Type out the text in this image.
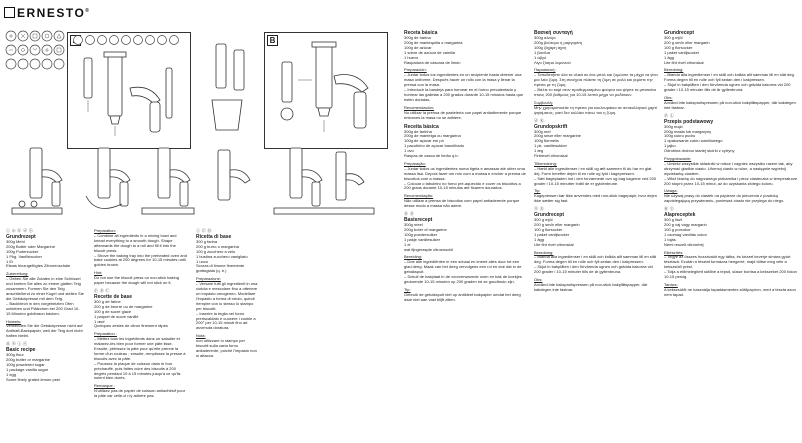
ERNESTO®
B
ⓘ ⊕ ⓑ ⓓ ⓔ
Grundrezept

300g Mehl
200g Butter oder Margarine
100g Puderzucker
1 Pkg. Vanillezucker
1 Ei
Etwas hinzugefügtes Zitronenschale

Zubereitung:

– Geben Sie alle Zutaten in eine Schüssel und kneten Sie alles zu einem glatten Teig zusammen. Formen Sie den Teig anschließend zu einer Kugel und stellen Sie die Gebäckpresse mit dem Teig.
– Backblech in den vorgeheizten Ofen schieben und Plätzchen bei 200 Grad 10-15 Minuten goldbraun backen.

Hinweis:

Verwenden Sie die Gebäckpresse nicht auf Antihaft-Backpapier, weil der Teig dort nicht haften bleibt.

ⓖ ⓑ ⓘ ⓔ
Basic recipe

300g flour
200g butter or margarine
100g powdered sugar
1 package vanilla sugar
1 egg
Some finely grated lemon peel

Preparation:

– Combine all ingredients in a mixing bowl and knead everything to a smooth dough. Shape afterwards the dough to a roll and fill it into the biscuit press.
– Shove the baking tray into the preheated oven and bake cookies at 200 degrees for 10-15 minutes until golden brown.

Hint:

Do not use the biscuit press on non-stick baking paper because the dough will not stick on it.

Ⓕ Ⓑ Ⓒ
Recette de base

300 g de farine
200 g de beurre ou de margarine
100 g de sucre glace
1 paquet de sucre vanillé
1 œuf
Quelques zestes de citron finement râpés

Préparation :

– Mettez tous les ingrédients dans un saladier et malaxez-les bien pour former une pâte lisse. Ensuite, pétrissez la pâte pour qu'elle prenne la forme d'un rouleau ; ensuite, remplissez la presse à biscuits avec la pâte.
– Poussez la plaque de cuisson dans le four préchauffé, puis faites cuire des biscuits à 200 degrés pendant 10 à 15 minutes jusqu'à ce qu'ils soient bien dorés.

Remarque :

N'utilisez pas de papier de cuisson antiadhésif pour la pâte car celle-ci n'y adhère pas.

ⓘ Ⓒ Ⓗ
Ricetta di base

300 g farina
200 g burro o margarina
100 g zucchero a velo
1 bustina zucchero vanigliato
1 uovo
Scorza di limone finemente grattugiata (q. b.)

Preparazione:

– Versare tutti gli ingredienti in una ciotola e mescolare fino a ottenere un impasto omogeneo. Modellare l'impasto a forma di rotolo, quindi riempire con lo stesso lo stampo per biscotti.
– Inserire la teglia nel forno preriscaldato e cuocere i cookie a 200° per 10-15 minuti fino ad avvenuta doratura.

Nota:

non utilizzare lo stampo per biscotti sulla carta forno antiaderente, poiché l'impasto non si attacca.

Receta básica

300g de harina
200g de mantequilla o margarina
100g de azúcar
1 sobre de azúcar de vainilla
1 huevo
Raspadura de cáscara de limón

Preparación:

– Juntar todos los ingredientes en un recipiente hasta obtener una masa uniforme. Después hacer un rollo con la masa y llenar la prensa con la masa.
– Introducir la bandeja para hornear en el horno precalentado y hornear las galletas a 200 grados durante 10-15 minutos hasta que estén doradas.

Recomendación:

No utilizar la prensa de pastelería con papel antiadherente porque entonces la masa no se adhiere.

Receita básica

300g de farinha
200g de manteiga ou margarina
100g de açúcar em pó
1 pacotinho de açúcar baunilhado
1 ovo
Raspas de casca de limão q.b.

Preparação:

– Juntar todos os ingredientes numa tigela e amassar até obter uma massa lisa. Depois fazer um rolo com a massa e encher a prensa de biscoitos com a massa.
– Colocar o tabuleiro no forno pré-aquecido e cozer os biscoitos a 200 graus durante 10-15 minutos até ficarem dourados.

Recomendação:

Não utilizar a prensa de biscoitos com papel antiaderente porque desse modo a massa não adere.

Ⓝ Ⓑ
Basisrecept

300g meel
200g boter of margarine
100g poedersuiker
1 pakje vanillesuiker
1 ei
wat fijngeraspte citroenschil

Bereiding:

– Doe alle ingrediënten in een schaal en kneed alles door tot een glad deeg. Maak van het deeg vervolgens een rol en doe dat in de gebakspuit.
– Schuif de bakplaat in de voorverwarmde oven en bak de koekjes gedurende 10-15 minuten op 200 graden tot ze goudbruin zijn.

Tip:

Gebruik de gebakspuit niet op antikleef bakpapier omdat het deeg daar niet aan vast blijft zitten.

Βασική συνταγή

300g αλεύρι
200g βούτυρο ή μαργαρίνη
100g ζάχαρη άχνη
1 βανίλια
1 αβγό
Λίγο ξύσμα λεμονιού

Παρασκευή:

– Τοποθετήστε όλα τα υλικά σε ένα μπολ και ζυμώστε τα μέχρι να γίνει μια λεία ζύμη. Στη συνέχεια πλάστε τη ζύμη σε ρολό και γεμίστε την πρέσα με τη ζύμη.
– Βάλτε το ταψί στον προθερμασμένο φούρνο και ψήστε τα μπισκότα στους 200 βαθμούς για 10-15 λεπτά μέχρι να ροδίσουν.

Συμβουλή:

Μην χρησιμοποιείτε τη πρέσα για κουλουράκια σε αντικολλητικό χαρτί ψησίματος, γιατί δεν κολλάει πάνω του η ζύμη.

ⓓ Ⓚ
Grundopskrift

300g mel
200g smør eller margarine
100g flormelis
1 pk. vanillesukker
1 æg
Fintrevet citronskal

Tilberedning:

– Hæld alle ingredienser i en skål og ælt sammen til du har en glat dej. Form herefter dejen til en rulle og fyld i kagepressen.
– Sæt bagepladen ind i den forvarmede ovn og bag kagerne ved 200 grader i 10-15 minutter indtil de er gyldenbrune.

Tip:

Kagepressen bør ikke anvendes med non-stick bagepapir, hvor dejen ikke sætter sig fast.

Ⓢ Ⓔ
Grundrecept

300 g mjöl
200 g smör eller margarin
100 g florsocker
1 paket vaniljsocker
1 ägg
Lite fint rivet citronskal

Beredning:

– Blanda alla ingredienser i en skål och knåda allt samman till en slät deg. Forma degen till en rulle och fyll sedan den i kakpressen.
– Skjut in bakplåten i den förvärmda ugnen och grädda kakorna vid 200 grader i 10-15 minuter tills de är gyllenbruna.

Obs:

Använd inte kakspruitspressen på non-stick bakplåtspapper, där kakdegen inte fastnar.

Grundrecept

300 g mjöl
200 g smör eller margarin
100 g florsocker
1 paket vaniljsocker
1 ägg
Lite fint rivet citronskal

Beredning:

– Blanda alla ingredienser i en skål och knåda allt samman till en slät deg. Forma degen till en rulle och fyll sedan den i kakpressen.
– Skjut in bakplåten i den förvärmda ugnen och grädda kakorna vid 200 grader i 10-15 minuter tills de är gyllenbruna.

Obs:

Använd inte kakspruitspressen på non-stick bakplåtspapper, där kakdegen inte fastnar.

Ⓟ Ⓛ
Przepis podstawowy

300g mąki
200g masła lub margaryny
100g cukru pudru
1 opakowanie cukru waniliowego
1 jajko
Odrobina drobno startej skórki z cytryny

Przygotowanie:

– Umieść wszystkie składniki w misce i zagnieć wszystko razem tak, aby otrzymać gładkie ciasto. Uformuj ciasto w rulon, a następnie wypełnij wyciskarkę ciastem.
– Włóż blachę do nagrzanego piekarnika i piecz ciasteczka w temperaturze 200 stopni przez 10-15 minut, aż do uzyskania złotego koloru.

Uwaga:

Nie używaj prasy do ciastek na papierze do pieczenia z powłoką zapobiegającą przywieraniu, ponieważ ciasto nie przylega do niego.

Ⓗ Ⓤ
Alapreceptek

300 g liszt
200 g vaj vagy margarin
100 g porcukor
1 csomag vaníliás cukor
1 tojás
Némi reszelt citromhéj

Elkészítés:

– Tegye az összes hozzávalót egy tálba, és kézzel keverje simára gyúrt tésztává. Ezután a tésztát formázza hengerré, majd töltse meg vele a kekszsütő prést.
– Tolja a előmelegített sütőbe a tepsit, süsse borítsa a kekszeket 200 fokon 10-15 percig.

Tanács:

A kekszsütőt ne használja tapadásmentes sütőpapíron, mert a tészta azon nem tapad.
